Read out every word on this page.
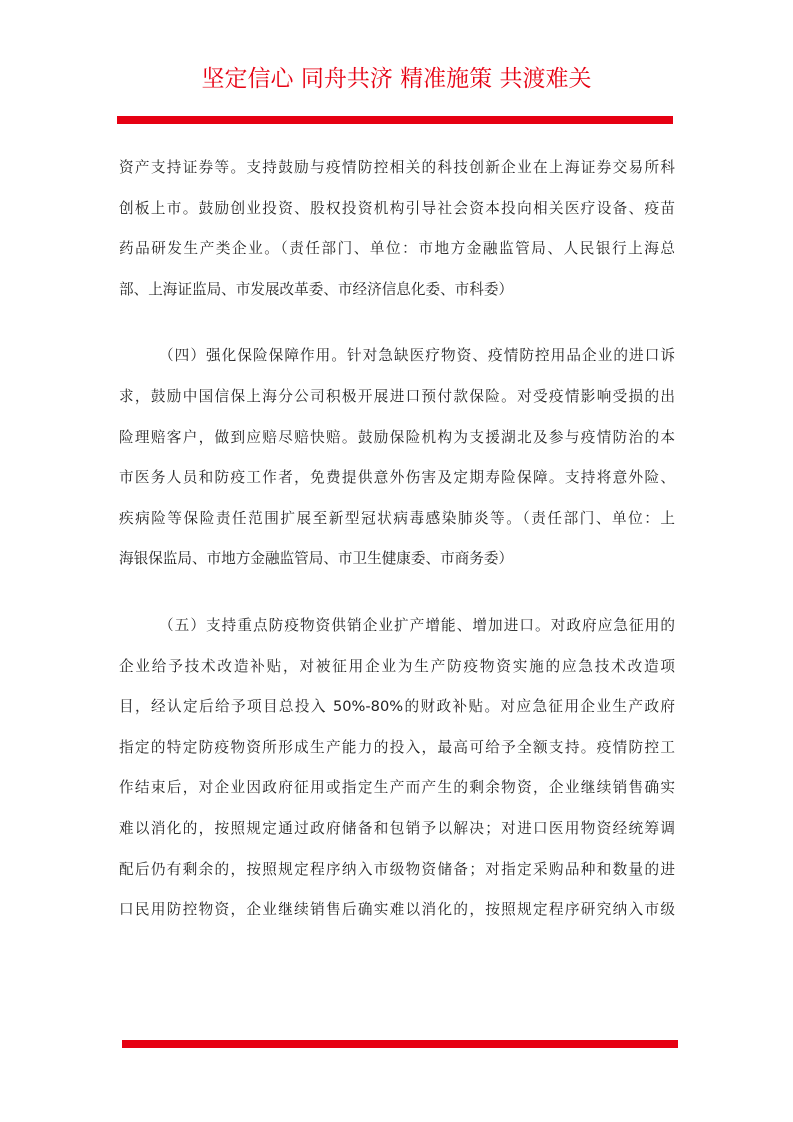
坚定信心 同舟共济 精准施策 共渡难关
资产支持证券等。支持鼓励与疫情防控相关的科技创新企业在上海证券交易所科
创板上市。鼓励创业投资、股权投资机构引导社会资本投向相关医疗设备、疫苗
药品研发生产类企业。（责任部门、单位：市地方金融监管局、人民银行上海总
部、上海证监局、市发展改革委、市经济信息化委、市科委）
（四）强化保险保障作用。针对急缺医疗物资、疫情防控用品企业的进口诉
求，鼓励中国信保上海分公司积极开展进口预付款保险。对受疫情影响受损的出
险理赔客户，做到应赔尽赔快赔。鼓励保险机构为支援湖北及参与疫情防治的本
市医务人员和防疫工作者，免费提供意外伤害及定期寿险保障。支持将意外险、
疾病险等保险责任范围扩展至新型冠状病毒感染肺炎等。（责任部门、单位：上
海银保监局、市地方金融监管局、市卫生健康委、市商务委）
（五）支持重点防疫物资供销企业扩产增能、增加进口。对政府应急征用的
企业给予技术改造补贴，对被征用企业为生产防疫物资实施的应急技术改造项
目，经认定后给予项目总投入 50%-80%的财政补贴。对应急征用企业生产政府
指定的特定防疫物资所形成生产能力的投入，最高可给予全额支持。疫情防控工
作结束后，对企业因政府征用或指定生产而产生的剩余物资，企业继续销售确实
难以消化的，按照规定通过政府储备和包销予以解决；对进口医用物资经统筹调
配后仍有剩余的，按照规定程序纳入市级物资储备；对指定采购品种和数量的进
口民用防控物资，企业继续销售后确实难以消化的，按照规定程序研究纳入市级
